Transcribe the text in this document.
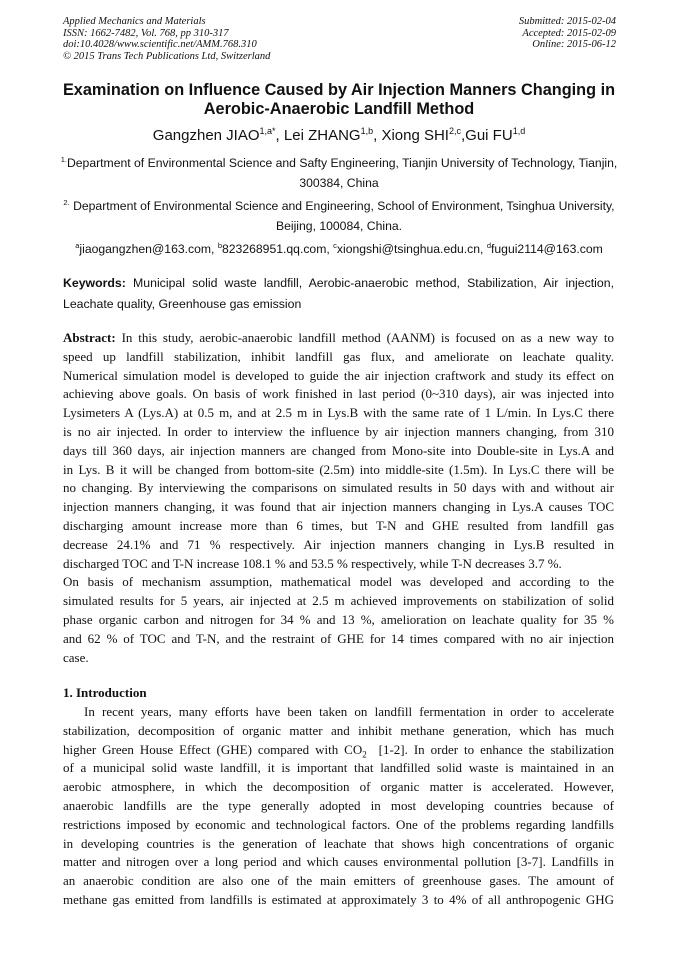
Applied Mechanics and Materials
ISSN: 1662-7482, Vol. 768, pp 310-317
doi:10.4028/www.scientific.net/AMM.768.310
© 2015 Trans Tech Publications Ltd, Switzerland
Submitted: 2015-02-04
Accepted: 2015-02-09
Online: 2015-06-12
Examination on Influence Caused by Air Injection Manners Changing in Aerobic-Anaerobic Landfill Method
Gangzhen $JIAO^{1,a*}$, Lei ZHANG$^{1,b}$, Xiong SHI$^{2,c}$,Gui FU$^{1,d}$
$^{1.}$Department of Environmental Science and Safty Engineering, Tianjin University of Technology, Tianjin, 300384, China
$^{2.}$ Department of Environmental Science and Engineering, School of Environment, Tsinghua University, Beijing, 100084, China.
$^a$jiaogangzhen@163.com, $^b$823268951.qq.com, $^c$xiongshi@tsinghua.edu.cn, $^d$fugui2114@163.com
Keywords: Municipal solid waste landfill, Aerobic-anaerobic method, Stabilization, Air injection, Leachate quality, Greenhouse gas emission
Abstract: In this study, aerobic-anaerobic landfill method (AANM) is focused on as a new way to
speed up landfill stabilization, inhibit landfill gas flux, and ameliorate on leachate quality.
Numerical simulation model is developed to guide the air injection craftwork and study its effect on
achieving above goals. On basis of work finished in last period (0~310 days), air was injected into
Lysimeters A (Lys.A) at 0.5 m, and at 2.5 m in Lys.B with the same rate of 1 L/min. In Lys.C there
is no air injected. In order to interview the influence by air injection manners changing, from 310
days till 360 days, air injection manners are changed from Mono-site into Double-site in Lys.A and
in Lys. B it will be changed from bottom-site (2.5m) into middle-site (1.5m). In Lys.C there will be
no changing. By interviewing the comparisons on simulated results in 50 days with and without air
injection manners changing, it was found that air injection manners changing in Lys.A causes TOC
discharging amount increase more than 6 times, but T-N and GHE resulted from landfill gas
decrease 24.1% and 71 % respectively. Air injection manners changing in Lys.B resulted in
discharged TOC and T-N increase 108.1 % and 53.5 % respectively, while T-N decreases 3.7 %.
On basis of mechanism assumption, mathematical model was developed and according to the
simulated results for 5 years, air injected at 2.5 m achieved improvements on stabilization of solid
phase organic carbon and nitrogen for 34 % and 13 %, amelioration on leachate quality for 35 %
and 62 % of TOC and T-N, and the restraint of GHE for 14 times compared with no air injection
case.
1. Introduction
In recent years, many efforts have been taken on landfill fermentation in order to accelerate
stabilization, decomposition of organic matter and inhibit methane generation, which has much
higher Green House Effect (GHE) compared with $CO_2$  [1-2]. In order to enhance the stabilization
of a municipal solid waste landfill, it is important that landfilled solid waste is maintained in an
aerobic atmosphere, in which the decomposition of organic matter is accelerated. However,
anaerobic landfills are the type generally adopted in most developing countries because of
restrictions imposed by economic and technological factors. One of the problems regarding landfills
in developing countries is the generation of leachate that shows high concentrations of organic
matter and nitrogen over a long period and which causes environmental pollution [3-7]. Landfills in
an anaerobic condition are also one of the main emitters of greenhouse gases. The amount of
methane gas emitted from landfills is estimated at approximately 3 to 4% of all anthropogenic GHG
